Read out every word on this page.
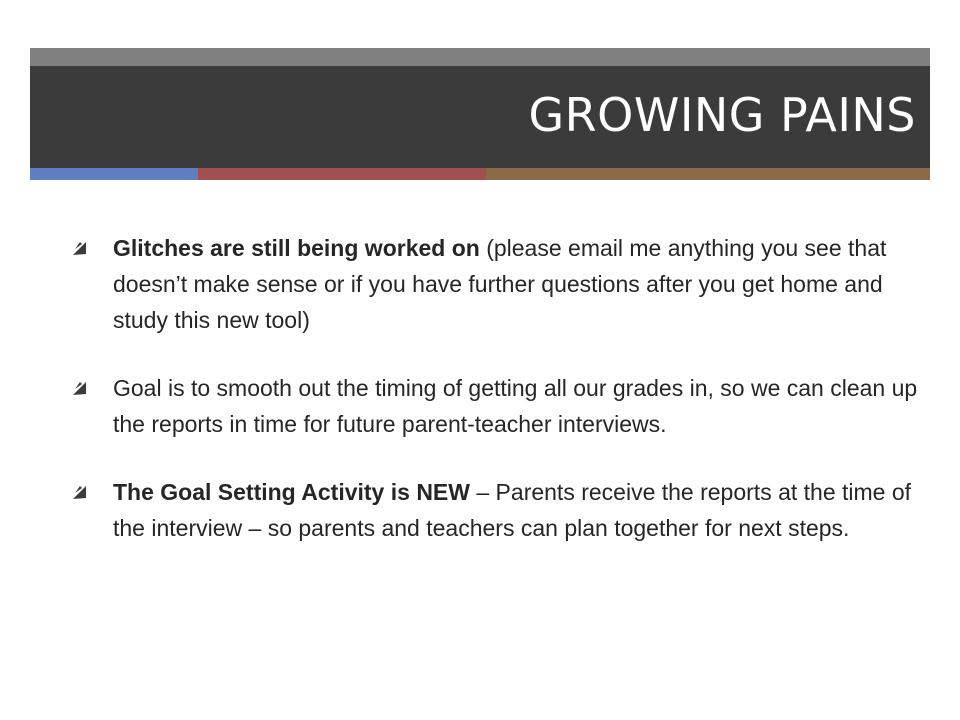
GROWING PAINS
Glitches are still being worked on (please email me anything you see that doesn’t make sense or if you have further questions after you get home and study this new tool)
Goal is to smooth out the timing of getting all our grades in, so we can clean up the reports in time for future parent-teacher interviews.
The Goal Setting Activity is NEW – Parents receive the reports at the time of the interview – so parents and teachers can plan together for next steps.
